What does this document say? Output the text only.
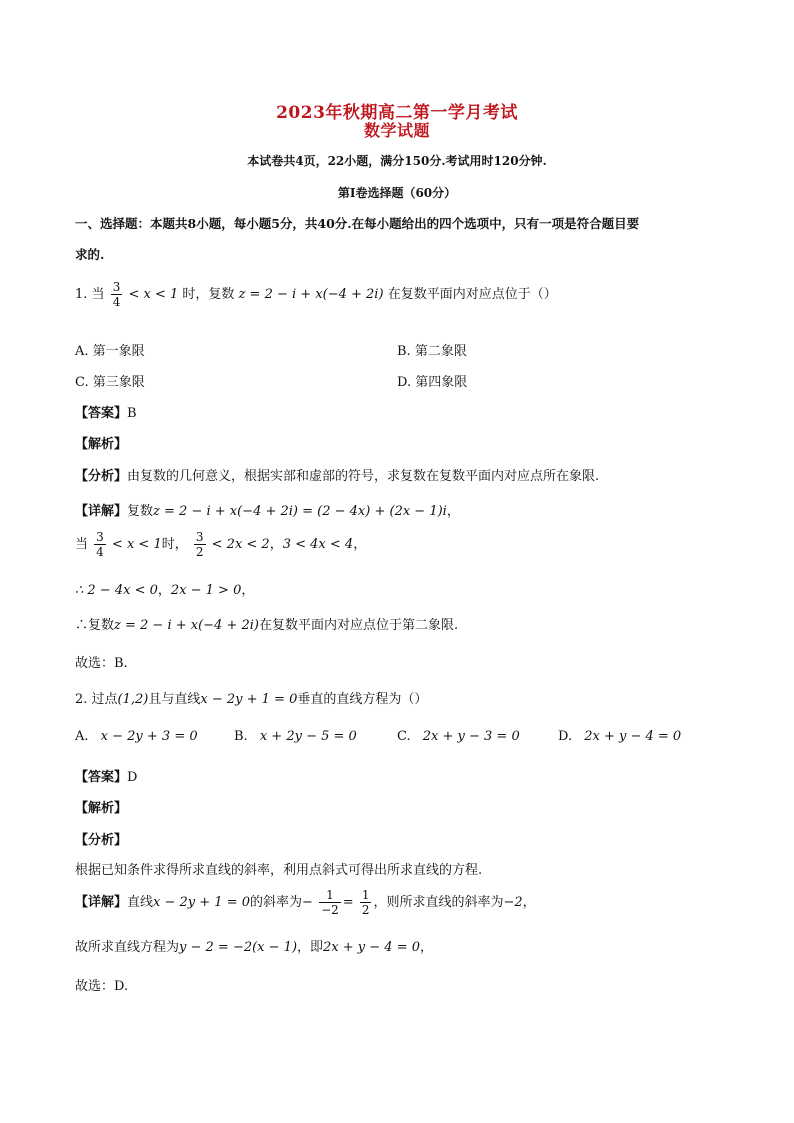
2023年秋期高二第一学月考试
数学试题
本试卷共4页，22小题，满分150分.考试用时120分钟.
第I卷选择题（60分）
一、选择题：本题共8小题，每小题5分，共40分.在每小题给出的四个选项中，只有一项是符合题目要
求的.
1. 当 $\frac{3}{4} < x < 1$ 时，复数 z = 2 − i + x(−4 + 2i) 在复数平面内对应点位于（）
A. 第一象限	B. 第二象限
C. 第三象限	D. 第四象限
【答案】B
【解析】
【分析】由复数的几何意义，根据实部和虚部的符号，求复数在复数平面内对应点所在象限.
【详解】复数z = 2 − i + x(−4 + 2i) = (2 − 4x) + (2x − 1)i，
当 $\frac{3}{4} < x < 1$时， $\frac{3}{2} < 2x < 2$，3 < 4x < 4，
∴ 2 − 4x < 0，2x − 1 > 0，
∴复数z = 2 − i + x(−4 + 2i)在复数平面内对应点位于第二象限.
故选：B.
2. 过点(1,2)且与直线x − 2y + 1 = 0垂直的直线方程为（）
A. x − 2y + 3 = 0	B. x + 2y − 5 = 0	C. 2x + y − 3 = 0	D. 2x + y − 4 = 0
【答案】D
【解析】
【分析】
根据已知条件求得所求直线的斜率，利用点斜式可得出所求直线的方程.
【详解】直线x − 2y + 1 = 0的斜率为− $\frac{1}{-2} = \frac{1}{2}$ ，则所求直线的斜率为−2，
故所求直线方程为y − 2 = −2(x − 1)，即2x + y − 4 = 0，
故选：D.
